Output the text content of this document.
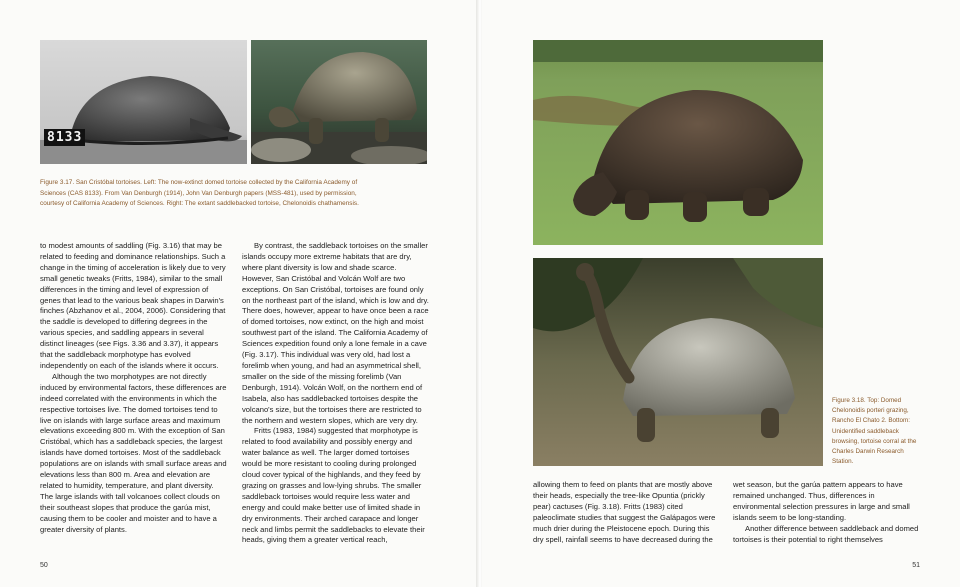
8133
Figure 3.17. San Cristóbal tortoises. Left: The now-extinct domed tortoise collected by the California Academy of Sciences (CAS 8133). From Van Denburgh (1914), John Van Denburgh papers (MSS-481), used by permission, courtesy of California Academy of Sciences. Right: The extant saddlebacked tortoise, Chelonoidis chathamensis.

to modest amounts of saddling (Fig. 3.16) that may be related to feeding and dominance relationships. Such a change in the timing of acceleration is likely due to very small genetic tweaks (Fritts, 1984), similar to the small differences in the timing and level of expression of genes that lead to the various beak shapes in Darwin's finches (Abzhanov et al., 2004, 2006). Considering that the saddle is developed to differing degrees in the various species, and saddling appears in several distinct lineages (see Figs. 3.36 and 3.37), it appears that the saddleback morphotype has evolved independently on each of the islands where it occurs.

Although the two morphotypes are not directly induced by environmental factors, these differences are indeed correlated with the environments in which the respective tortoises live. The domed tortoises tend to live on islands with large surface areas and maximum elevations exceeding 800 m. With the exception of San Cristóbal, which has a saddleback species, the largest islands have domed tortoises. Most of the saddleback populations are on islands with small surface areas and elevations less than 800 m. Area and elevation are related to humidity, temperature, and plant diversity. The large islands with tall volcanoes collect clouds on their southeast slopes that produce the garúa mist, causing them to be cooler and moister and to have a greater diversity of plants.

By contrast, the saddleback tortoises on the smaller islands occupy more extreme habitats that are dry, where plant diversity is low and shade scarce. However, San Cristóbal and Volcán Wolf are two exceptions. On San Cristóbal, tortoises are found only on the northeast part of the island, which is low and dry. There does, however, appear to have once been a race of domed tortoises, now extinct, on the high and moist southwest part of the island. The California Academy of Sciences expedition found only a lone female in a cave (Fig. 3.17). This individual was very old, had lost a forelimb when young, and had an asymmetrical shell, smaller on the side of the missing forelimb (Van Denburgh, 1914). Volcán Wolf, on the northern end of Isabela, also has saddlebacked tortoises despite the volcano's size, but the tortoises there are restricted to the northern and western slopes, which are very dry.

Fritts (1983, 1984) suggested that morphotype is related to food availability and possibly energy and water balance as well. The larger domed tortoises would be more resistant to cooling during prolonged cloud cover typical of the highlands, and they feed by grazing on grasses and low-lying shrubs. The smaller saddleback tortoises would require less water and energy and could make better use of limited shade in dry environments. Their arched carapace and longer neck and limbs permit the saddlebacks to elevate their heads, giving them a greater vertical reach,

50
Figure 3.18. Top: Domed Chelonoidis porteri grazing, Rancho El Chato 2. Bottom: Unidentified saddleback browsing, tortoise corral at the Charles Darwin Research Station.

allowing them to feed on plants that are mostly above their heads, especially the tree-like Opuntia (prickly pear) cactuses (Fig. 3.18). Fritts (1983) cited paleoclimate studies that suggest the Galápagos were much drier during the Pleistocene epoch. During this dry spell, rainfall seems to have decreased during the

wet season, but the garúa pattern appears to have remained unchanged. Thus, differences in environmental selection pressures in large and small islands seem to be long-standing.

Another difference between saddleback and domed tortoises is their potential to right themselves

51
